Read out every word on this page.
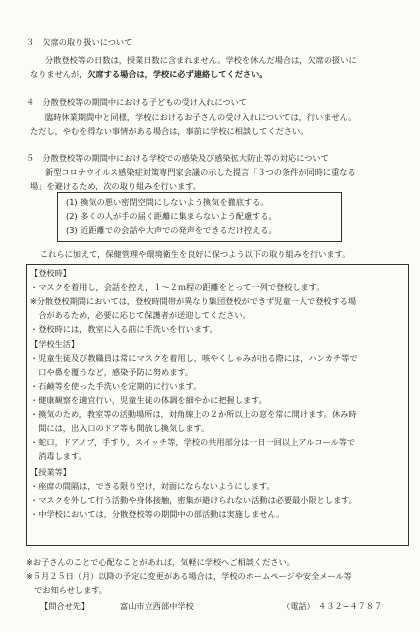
３　欠席の取り扱いについて
分散登校等の日数は，授業日数に含まれません。学校を休んだ場合は，欠席の扱いに
なりませんが，欠席する場合は，学校に必ず連絡してください。
４　分散登校等の期間中における子どもの受け入れについて
臨時休業期間中と同様，学校におけるお子さんの受け入れについては，行いません。
ただし，やむを得ない事情がある場合は，事前に学校に相談してください。
５　分散登校等の期間中における学校での感染及び感染拡大防止等の対応について
新型コロナウイルス感染症対策専門家会議の示した提言「３つの条件が同時に重なる
場」を避けるため，次の取り組みを行います。
(1) 換気の悪い密閉空間にしないよう換気を徹底する。
(2) 多くの人が手の届く距離に集まらないよう配慮する。
(3) 近距離での会話や大声での発声をできるだけ控える。
これらに加えて，保健管理や環境衛生を良好に保つよう以下の取り組みを行います。
【登校時】
・マスクを着用し，会話を控え，１〜２ｍ程の距離をとって一列で登校します。
※分散登校期間においては，登校時間帯が異なり集団登校ができず児童一人で登校する場
　合があるため，必要に応じて保護者が送迎してください。
・登校時には，教室に入る前に手洗いを行います。
【学校生活】
・児童生徒及び教職員は常にマスクを着用し，咳やくしゃみが出る際には，ハンカチ等で
　口や鼻を覆うなど，感染予防に努めます。
・石鹸等を使った手洗いを定期的に行います。
・健康観察を適宜行い，児童生徒の体調を細やかに把握します。
・換気のため，教室等の活動場所は，対角線上の２か所以上の窓を常に開けます。休み時
　間には，出入口のドア等も開放し換気します。
・蛇口，ドアノブ，手すり，スイッチ等，学校の共用部分は一日一回以上アルコール等で
　消毒します。
【授業等】
・座席の間隔は，できる限り空け，対面にならないようにします。
・マスクを外して行う活動や身体接触，密集が避けられない活動は必要最小限とします。
・中学校においては，分散登校等の期間中の部活動は実施しません。
※お子さんのことで心配なことがあれば，気軽に学校へご相談ください。
※５月２５日（月）以降の予定に変更がある場合は，学校のホームページや安全メール等
　でお知らせします。
【問合せ先】	富山市立西部中学校	（電話） ４３２−４７８７
